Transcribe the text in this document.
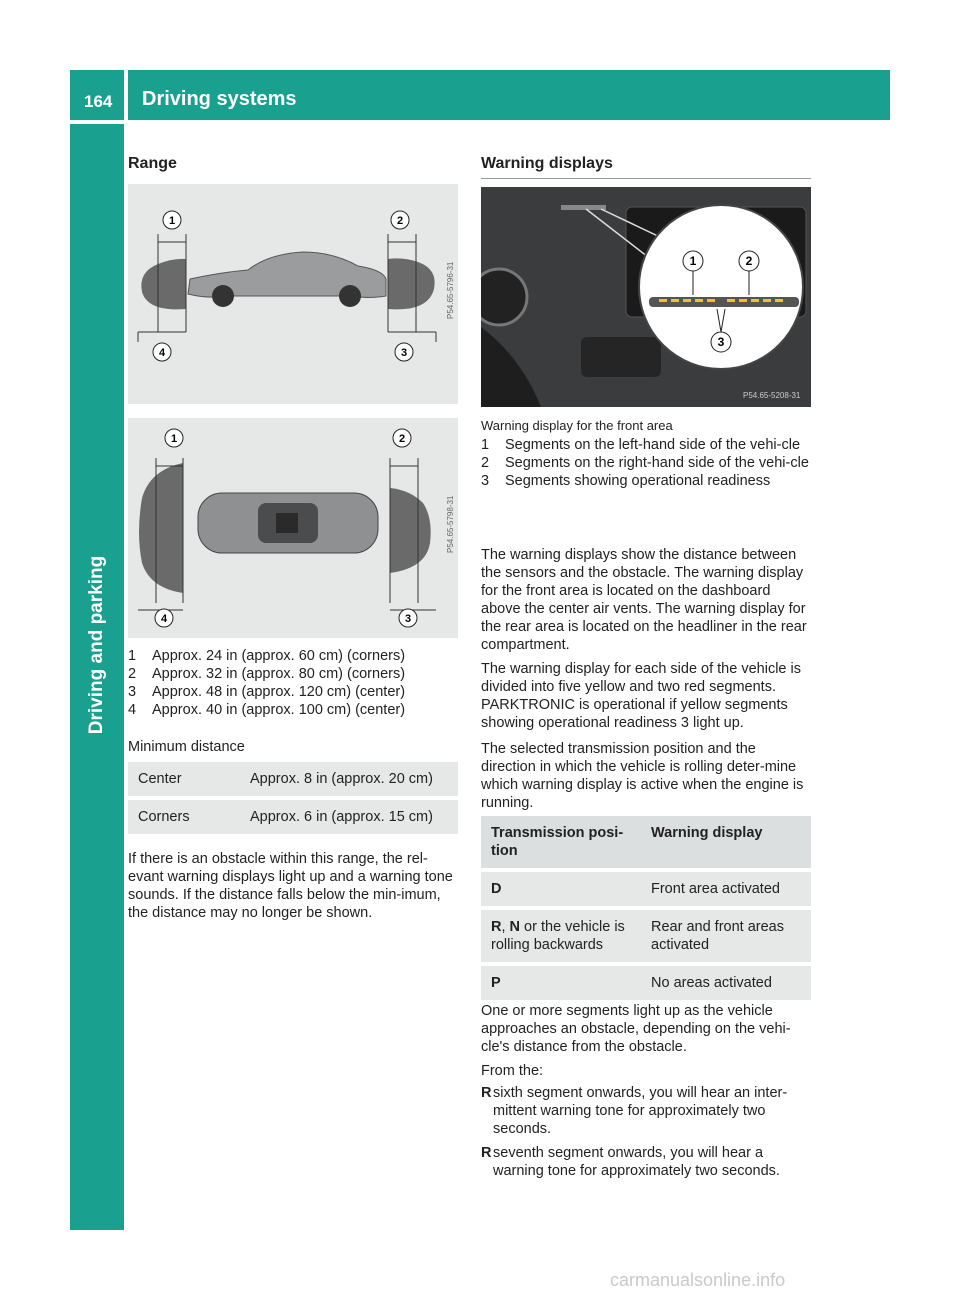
164 Driving systems
Driving and parking
Range
1	2
3
4
P54.65-5796-31
1	2
3
4
P54.65-5798-31
1	Approx. 24 in (approx. 60 cm) (corners)
2	Approx. 32 in (approx. 80 cm) (corners)
3	Approx. 48 in (approx. 120 cm) (center)
4	Approx. 40 in (approx. 100 cm) (center)
Minimum distance
Center	Approx. 8 in (approx. 20 cm)
Corners	Approx. 6 in (approx. 15 cm)
If there is an obstacle within this range, the rel-evant warning displays light up and a warning tone sounds. If the distance falls below the min-imum, the distance may no longer be shown.
Warning displays
1	2
3
P54.65-5208-31
Warning display for the front area
1	Segments on the left-hand side of the vehi-cle
2	Segments on the right-hand side of the vehi-cle
3	Segments showing operational readiness
The warning displays show the distance between the sensors and the obstacle. The warning display for the front area is located on the dashboard above the center air vents. The warning display for the rear area is located on the headliner in the rear compartment.
The warning display for each side of the vehicle is divided into five yellow and two red segments. PARKTRONIC is operational if yellow segments showing operational readiness 3 light up.
The selected transmission position and the direction in which the vehicle is rolling deter-mine which warning display is active when the engine is running.
Transmission posi-tion	Warning display
D	Front area activated
R, N or the vehicle is rolling backwards	Rear and front areas activated
P	No areas activated
One or more segments light up as the vehicle approaches an obstacle, depending on the vehi-cle's distance from the obstacle.
From the:
R sixth segment onwards, you will hear an inter-mittent warning tone for approximately two seconds.
R seventh segment onwards, you will hear a warning tone for approximately two seconds.
carmanualsonline.info
